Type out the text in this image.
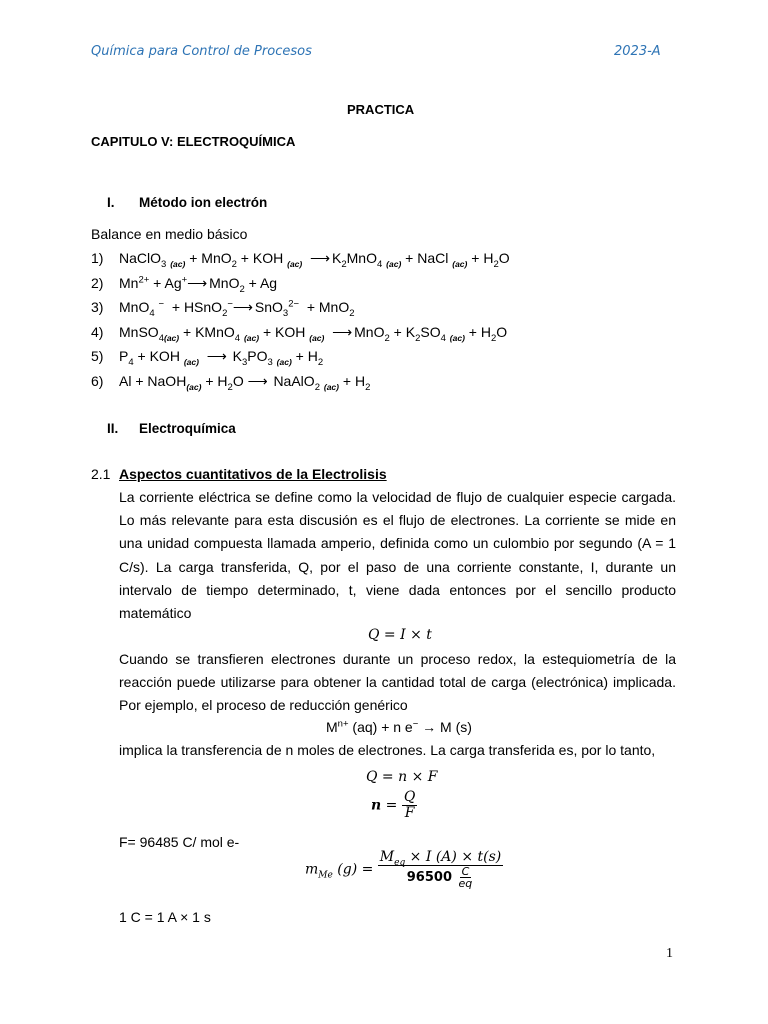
Química para Control de Procesos	2023-A
PRACTICA
CAPITULO V: ELECTROQUÍMICA
I. Método ion electrón
Balance en medio básico
1) NaClO$_3$ $_{(ac)}$ + MnO$_2$ + KOH $_{(ac)}$ ⟶ $K_2MnO_4$ $_{(ac)}$ + NaCl $_{(ac)} + H_2O$
2) $Mn^{2+}$ + Ag+⟶ MnO$_2$ + Ag
3) MnO$_4$ −  + HSnO$_2$−⟶ SnO$_3^{2-}$  + MnO$_2$
4) MnSO$_{4(ac)}$ + KMnO$_4$ $_{(ac)}$ + KOH $_{(ac)}$ ⟶ $MnO_2 + K_2SO_4$ $_{(ac)} + H_2O$
5) $P_4$ + KOH $_{(ac)}$ ⟶  $K_3PO_3$ $_{(ac)} + H_2$
6) Al + NaOH$_{(ac)}$ + $H_2O$ ⟶  NaAlO$_2$ $_{(ac)} + H_2$
II. Electroquímica
2.1 Aspectos cuantitativos de la Electrolisis
La corriente eléctrica se define como la velocidad de flujo de cualquier especie cargada. Lo más relevante para esta discusión es el flujo de electrones. La corriente se mide en una unidad compuesta llamada amperio, definida como un culombio por segundo (A = 1 C/s). La carga transferida, Q, por el paso de una corriente constante, I, durante un intervalo de tiempo determinado, t, viene dada entonces por el sencillo producto matemático
Q = I × t
Cuando se transfieren electrones durante un proceso redox, la estequiometría de la reacción puede utilizarse para obtener la cantidad total de carga (electrónica) implicada. Por ejemplo, el proceso de reducción genérico
$M^{n+}$ (aq) + n e− → M (s)
implica la transferencia de n moles de electrones. La carga transferida es, por lo tanto,
Q = n × F
$n = \frac{Q}{F}$
F= 96485 C/ mol e-
$m_{Me}$ $(g) = \frac{M_{eq} \times I (A) \times t(s)}{96500 \frac{C}{eq}}$
1 C = 1 A × 1 s
1
